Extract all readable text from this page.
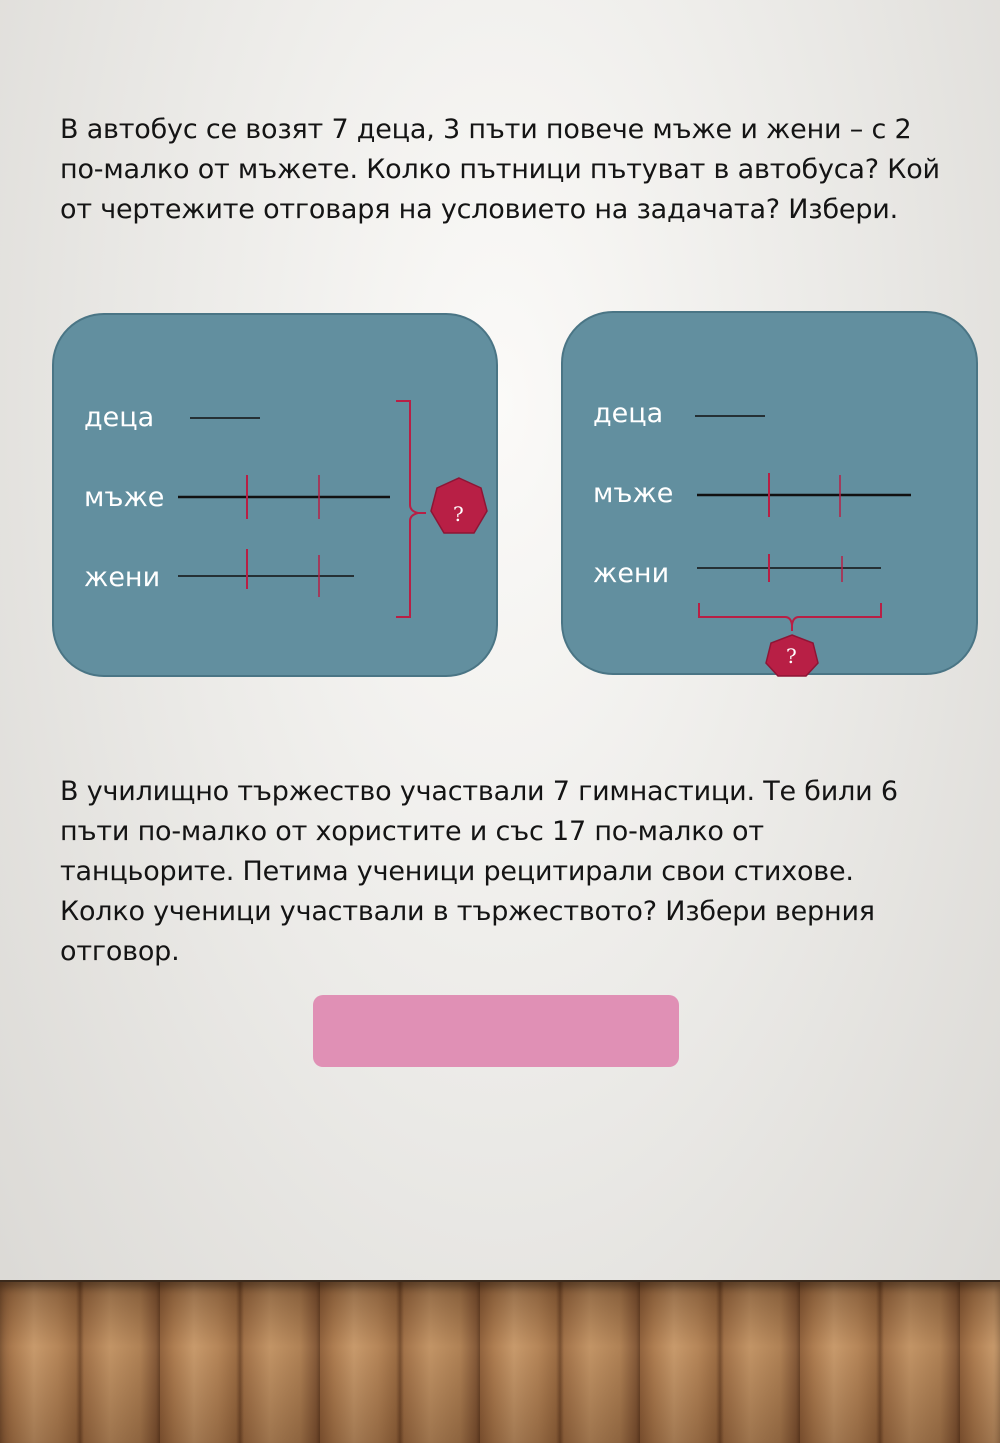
В автобус се возят 7 деца, 3 пъти повече мъже и жени – с 2 по-малко от мъжете. Колко пътници пътуват в автобуса? Кой от чертежите отговаря на условието на задачата? Избери.
деца
мъже
жени
?
деца
мъже
жени
?
В училищно тържество участвали 7 гимнастици. Те били 6 пъти по-малко от хористите и със 17 по-малко от танцьорите. Петима ученици рецитирали свои стихове. Колко ученици участвали в тържеството? Избери верния отговор.
